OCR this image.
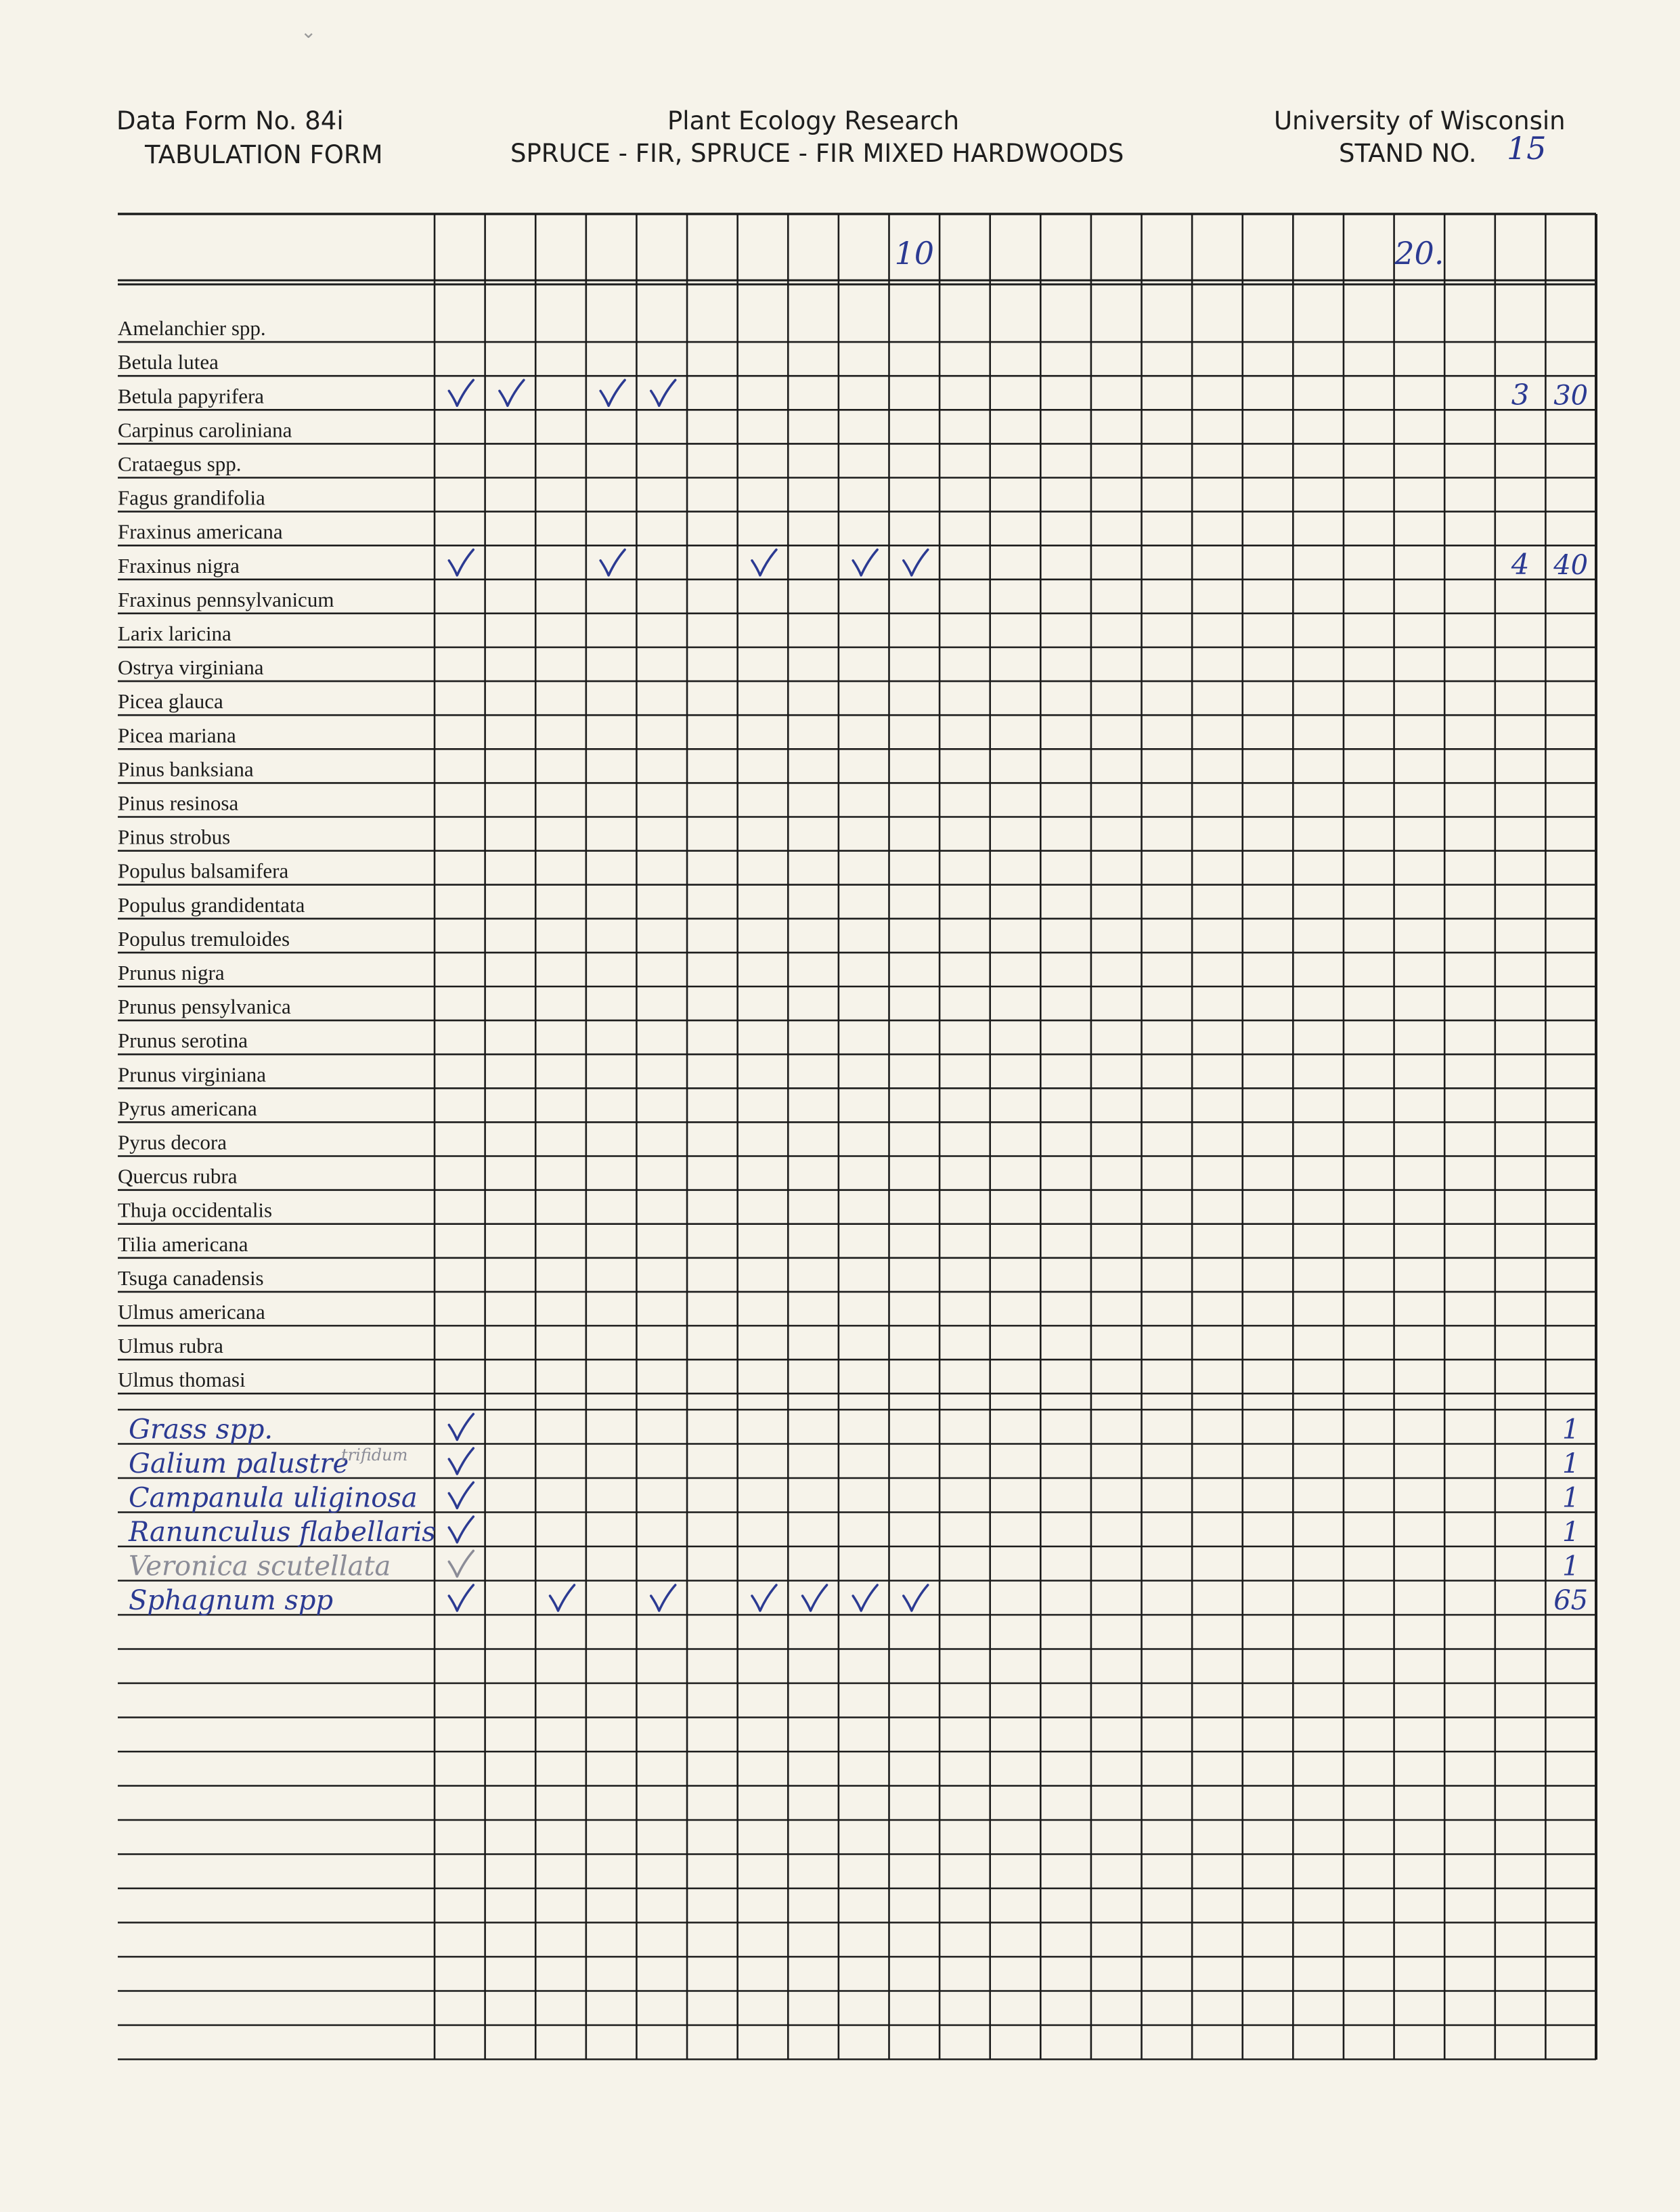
Data Form No. 84i
TABULATION FORM
Plant Ecology Research
SPRUCE - FIR, SPRUCE - FIR MIXED HARDWOODS
University of Wisconsin
STAND NO. 15
⌄
Amelanchier spp.
Betula lutea
Betula papyrifera
Carpinus caroliniana
Crataegus spp.
Fagus grandifolia
Fraxinus americana
Fraxinus nigra
Fraxinus pennsylvanicum
Larix laricina
Ostrya virginiana
Picea glauca
Picea mariana
Pinus banksiana
Pinus resinosa
Pinus strobus
Populus balsamifera
Populus grandidentata
Populus tremuloides
Prunus nigra
Prunus pensylvanica
Prunus serotina
Prunus virginiana
Pyrus americana
Pyrus decora
Quercus rubra
Thuja occidentalis
Tilia americana
Tsuga canadensis
Ulmus americana
Ulmus rubra
Ulmus thomasi
Grass spp.
Galium palustre
trifidum
Campanula uliginosa
Ranunculus flabellaris
Veronica scutellata
Sphagnum spp
10	20.
3 30
4 40
1
1
1
1
1
65
